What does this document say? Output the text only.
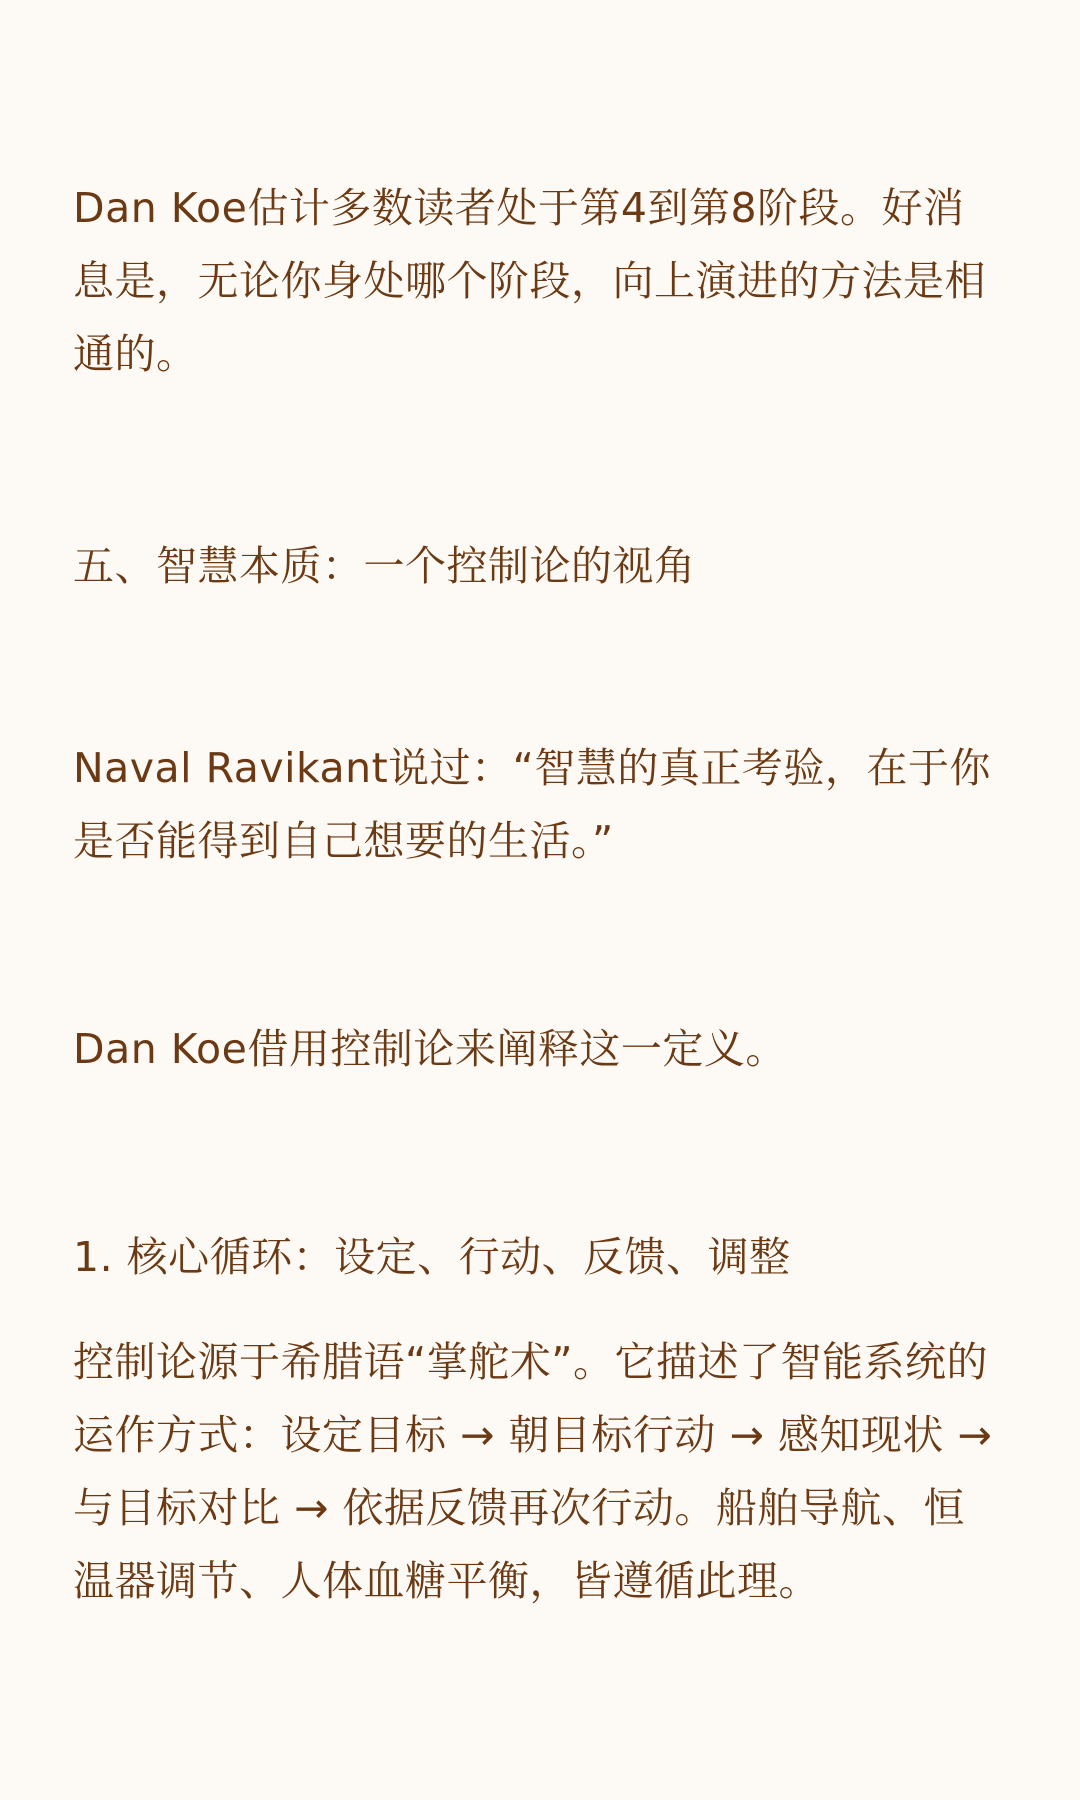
Dan Koe估计多数读者处于第4到第8阶段。好消息是，无论你身处哪个阶段，向上演进的方法是相通的。

五、智慧本质：一个控制论的视角

Naval Ravikant说过：“智慧的真正考验，在于你是否能得到自己想要的生活。”

Dan Koe借用控制论来阐释这一定义。

1. 核心循环：设定、行动、反馈、调整

控制论源于希腊语“掌舵术”。它描述了智能系统的运作方式：设定目标 → 朝目标行动 → 感知现状 → 与目标对比 → 依据反馈再次行动。船舶导航、恒温器调节、人体血糖平衡，皆遵循此理。
